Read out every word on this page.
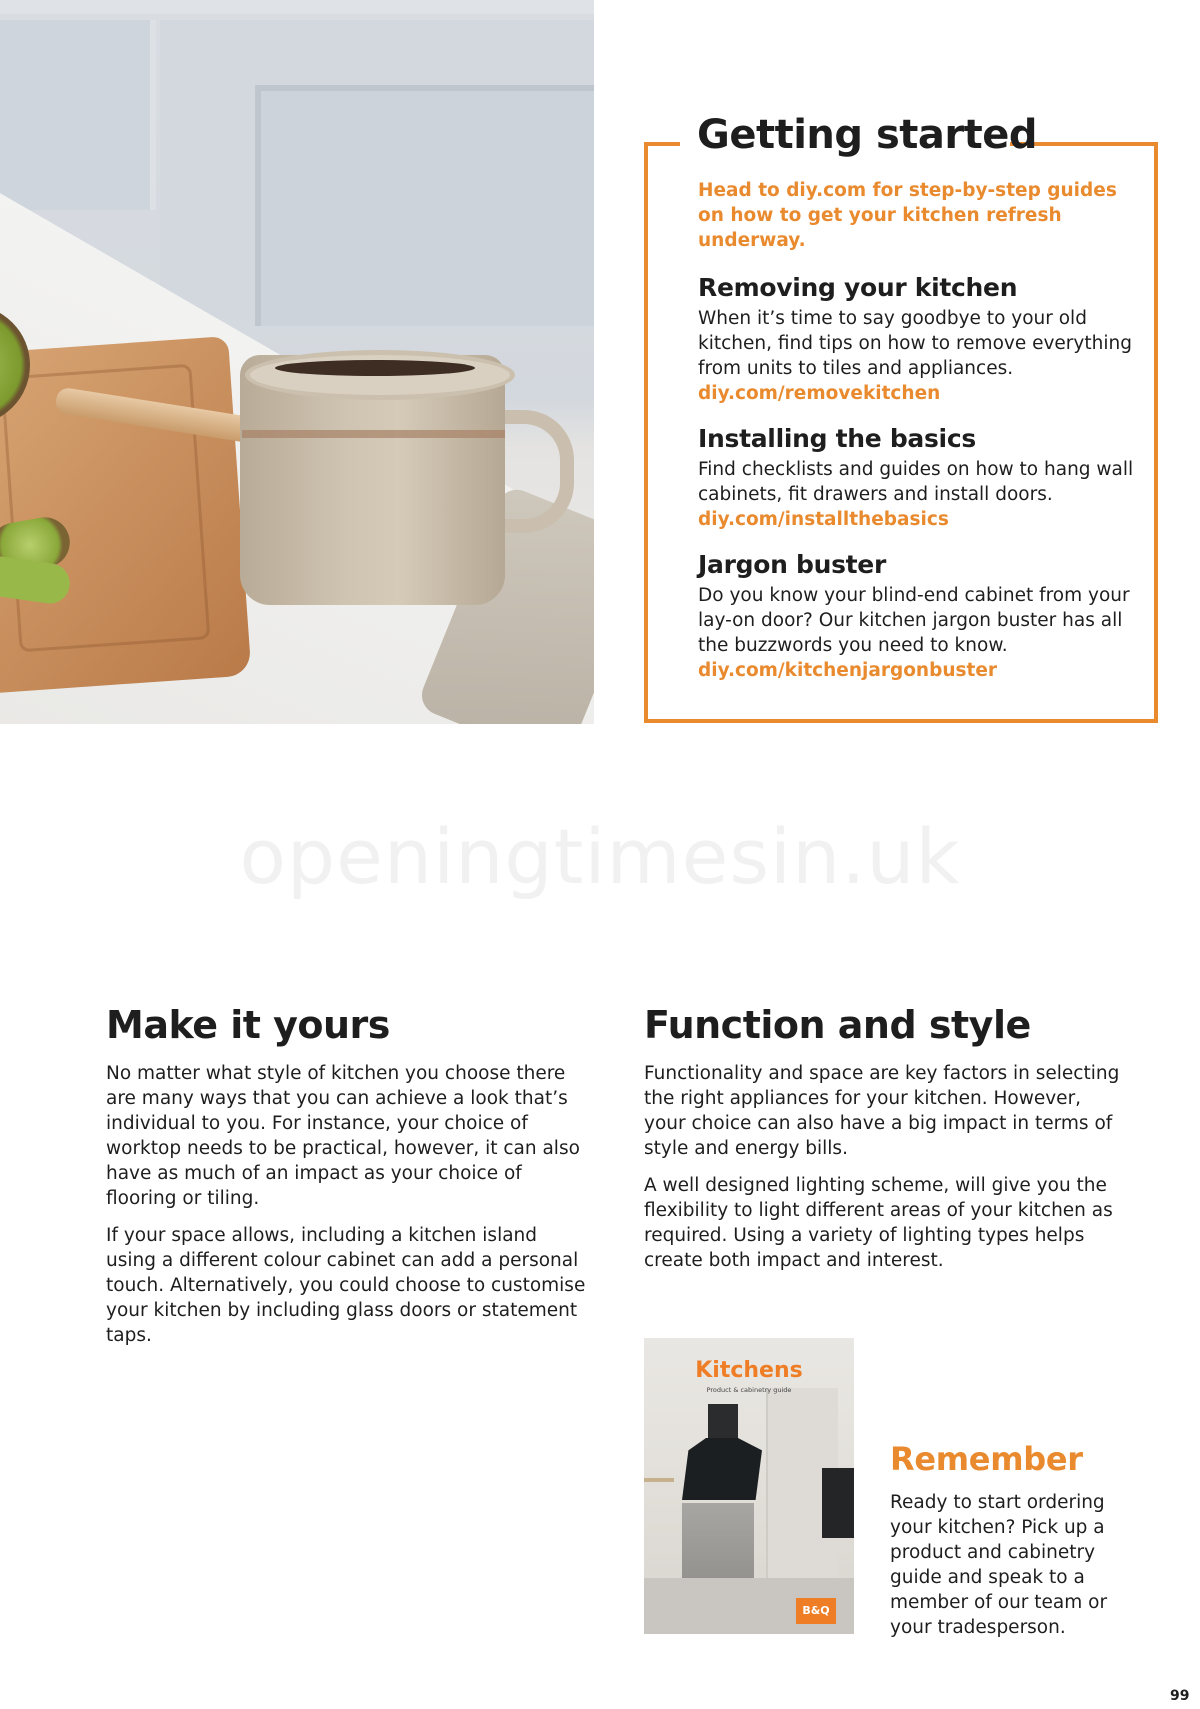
Getting started

Head to diy.com for step-by-step guides on how to get your kitchen refresh underway.

Removing your kitchen

When it’s time to say goodbye to your old kitchen, find tips on how to remove everything from units to tiles and appliances.

diy.com/removekitchen
Installing the basics

Find checklists and guides on how to hang wall cabinets, fit drawers and install doors.

diy.com/installthebasics
Jargon buster

Do you know your blind-end cabinet from your lay-on door? Our kitchen jargon buster has all the buzzwords you need to know.

diy.com/kitchenjargonbuster
openingtimesin.uk
Make it yours

No matter what style of kitchen you choose there are many ways that you can achieve a look that’s individual to you. For instance, your choice of worktop needs to be practical, however, it can also have as much of an impact as your choice of flooring or tiling.

If your space allows, including a kitchen island using a different colour cabinet can add a personal touch. Alternatively, you could choose to customise your kitchen by including glass doors or statement taps.

Function and style

Functionality and space are key factors in selecting the right appliances for your kitchen. However, your choice can also have a big impact in terms of style and energy bills.

A well designed lighting scheme, will give you the flexibility to light different areas of your kitchen as required. Using a variety of lighting types helps create both impact and interest.

Kitchens
Product & cabinetry guide
B&Q
Remember

Ready to start ordering your kitchen? Pick up a product and cabinetry guide and speak to a member of our team or your tradesperson.

99
